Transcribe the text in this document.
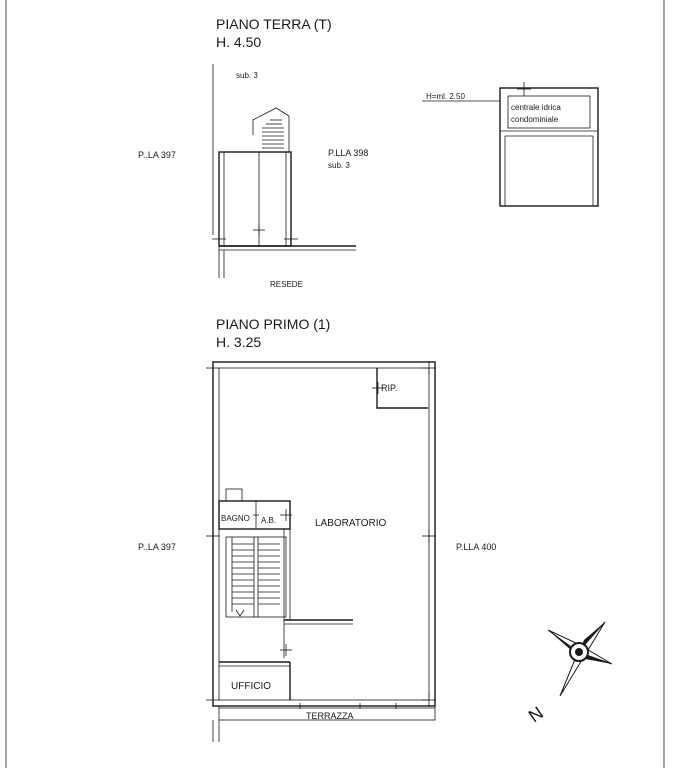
PIANO TERRA (T)
H. 4.50
sub. 3
P..LA 397	P.LLA 398
sub. 3
RESEDE
H=ml. 2.50
centrale idrica
condominiale
PIANO PRIMO (1)
H. 3.25
RIP.
LABORATORIO
BAGNO A.B.
UFFICIO
TERRAZZA
P..LA 397	P.LLA 400
N
